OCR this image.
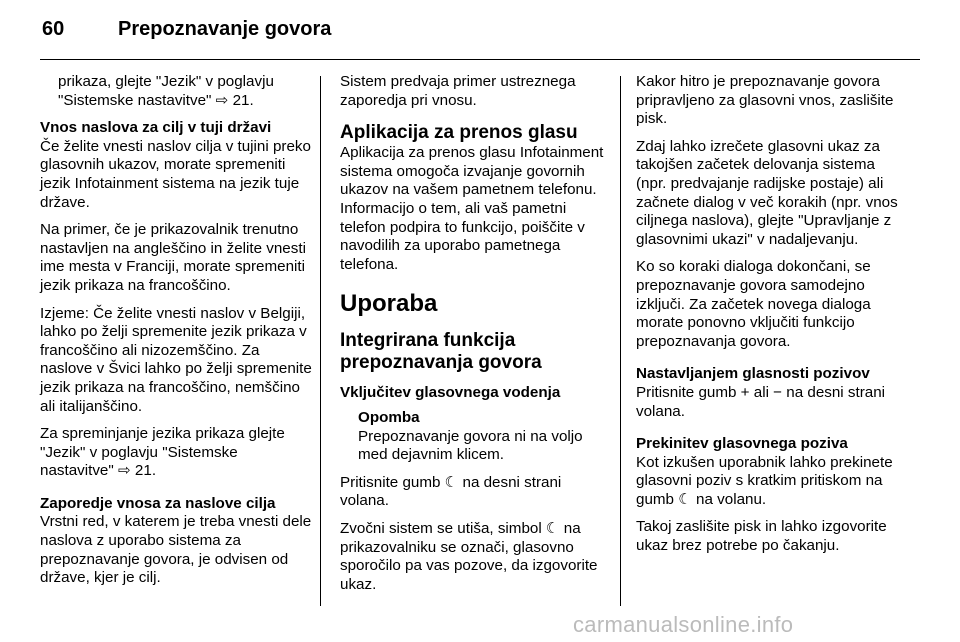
60	Prepoznavanje govora

prikaza, glejte "Jezik" v poglavju "Sistemske nastavitve" ⇨ 21.

Vnos naslova za cilj v tuji državi

Če želite vnesti naslov cilja v tujini preko glasovnih ukazov, morate spremeniti jezik Infotainment sistema na jezik tuje države.

Na primer, če je prikazovalnik trenutno nastavljen na angleščino in želite vnesti ime mesta v Franciji, morate spremeniti jezik prikaza na francoščino.

Izjeme: Če želite vnesti naslov v Belgiji, lahko po želji spremenite jezik prikaza v francoščino ali nizozemščino. Za naslove v Švici lahko po želji spremenite jezik prikaza na francoščino, nemščino ali italijanščino.

Za spreminjanje jezika prikaza glejte "Jezik" v poglavju "Sistemske nastavitve" ⇨ 21.

Zaporedje vnosa za naslove cilja

Vrstni red, v katerem je treba vnesti dele naslova z uporabo sistema za prepoznavanje govora, je odvisen od države, kjer je cilj.

Sistem predvaja primer ustreznega zaporedja pri vnosu.

Aplikacija za prenos glasu

Aplikacija za prenos glasu Infotainment sistema omogoča izvajanje govornih ukazov na vašem pametnem telefonu. Informacijo o tem, ali vaš pametni telefon podpira to funkcijo, poiščite v navodilih za uporabo pametnega telefona.

Uporaba

Integrirana funkcija prepoznavanja govora

Vključitev glasovnega vodenja

Opomba

Prepoznavanje govora ni na voljo med dejavnim klicem.

Pritisnite gumb ☾ na desni strani volana.

Zvočni sistem se utiša, simbol ☾ na prikazovalniku se označi, glasovno sporočilo pa vas pozove, da izgovorite ukaz.

Kakor hitro je prepoznavanje govora pripravljeno za glasovni vnos, zaslišite pisk.

Zdaj lahko izrečete glasovni ukaz za takojšen začetek delovanja sistema (npr. predvajanje radijske postaje) ali začnete dialog v več korakih (npr. vnos ciljnega naslova), glejte "Upravljanje z glasovnimi ukazi" v nadaljevanju.

Ko so koraki dialoga dokončani, se prepoznavanje govora samodejno izključi. Za začetek novega dialoga morate ponovno vključiti funkcijo prepoznavanja govora.

Nastavljanjem glasnosti pozivov

Pritisnite gumb + ali − na desni strani volana.

Prekinitev glasovnega poziva

Kot izkušen uporabnik lahko prekinete glasovni poziv s kratkim pritiskom na gumb ☾ na volanu.

Takoj zaslišite pisk in lahko izgovorite ukaz brez potrebe po čakanju.

carmanualsonline.info
